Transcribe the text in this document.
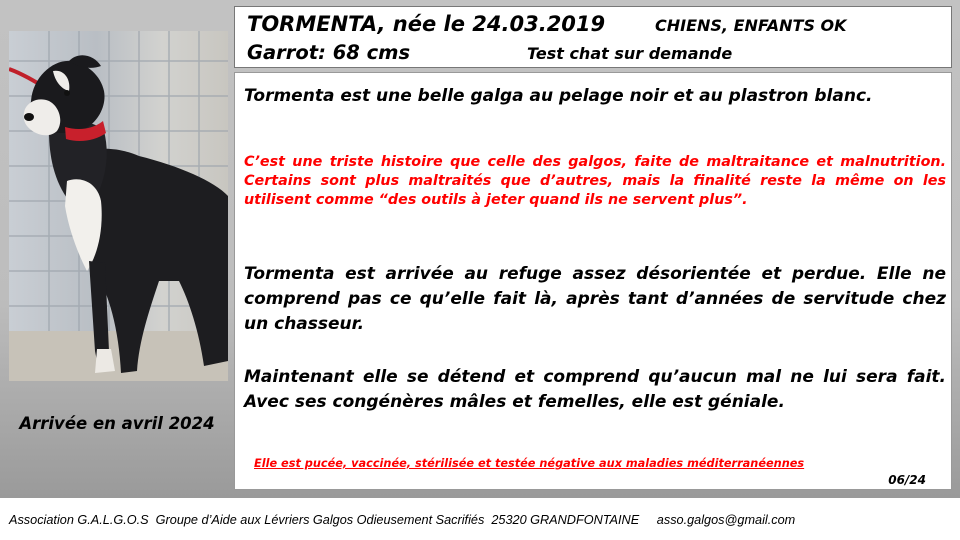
Arrivée en avril 2024
TORMENTA, née le 24.03.2019	CHIENS, ENFANTS OK
Garrot: 68 cms	Test chat sur demande

Tormenta est une belle galga au pelage noir et au plastron blanc.

C’est une triste histoire que celle des galgos, faite de maltraitance et malnutrition. Certains sont plus maltraités que d’autres, mais la finalité reste la même on les utilisent comme “des outils à jeter quand ils ne servent plus”.

Tormenta est arrivée au refuge assez désorientée et perdue. Elle ne comprend pas ce qu’elle fait là, après tant d’années de servitude chez un chasseur.

Maintenant elle se détend et comprend qu’aucun mal ne lui sera fait. Avec ses congénères mâles et femelles, elle est géniale.

Elle est pucée, vaccinée, stérilisée et testée négative aux maladies méditerranéennes
06/24
Association G.A.L.G.O.S  Groupe d’Aide aux Lévriers Galgos Odieusement Sacrifiés  25320 GRANDFONTAINE     asso.galgos@gmail.com
